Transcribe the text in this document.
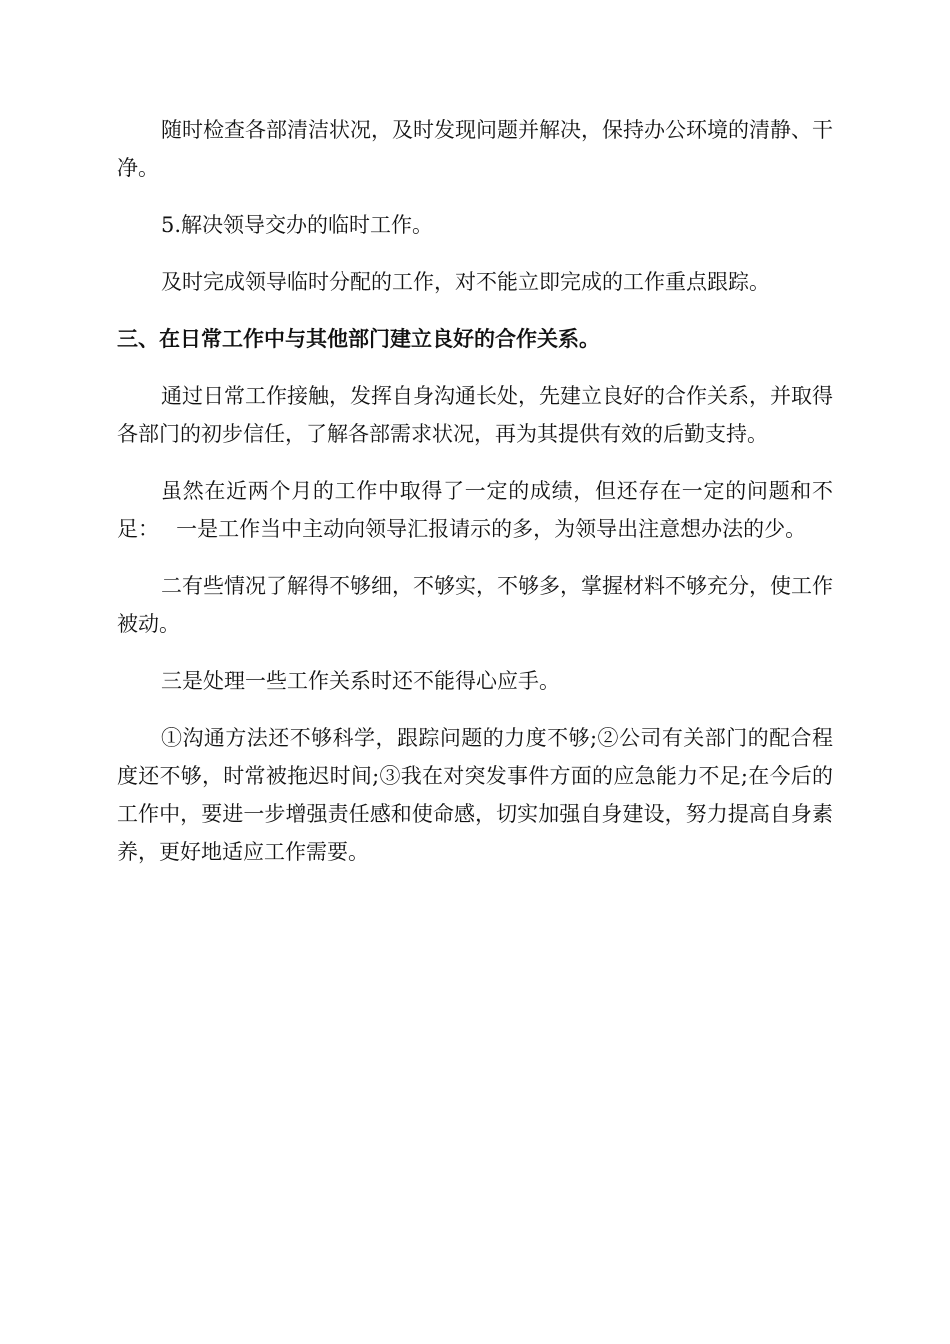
随时检查各部清洁状况，及时发现问题并解决，保持办公环境的清静、干净。

5.解决领导交办的临时工作。

及时完成领导临时分配的工作，对不能立即完成的工作重点跟踪。

三、在日常工作中与其他部门建立良好的合作关系。

通过日常工作接触，发挥自身沟通长处，先建立良好的合作关系，并取得各部门的初步信任，了解各部需求状况，再为其提供有效的后勤支持。

虽然在近两个月的工作中取得了一定的成绩，但还存在一定的问题和不足：　 一是工作当中主动向领导汇报请示的多，为领导出注意想办法的少。

二有些情况了解得不够细，不够实，不够多，掌握材料不够充分，使工作被动。

三是处理一些工作关系时还不能得心应手。

①沟通方法还不够科学，跟踪问题的力度不够;②公司有关部门的配合程度还不够，时常被拖迟时间;③我在对突发事件方面的应急能力不足;在今后的工作中，要进一步增强责任感和使命感，切实加强自身建设，努力提高自身素养，更好地适应工作需要。
